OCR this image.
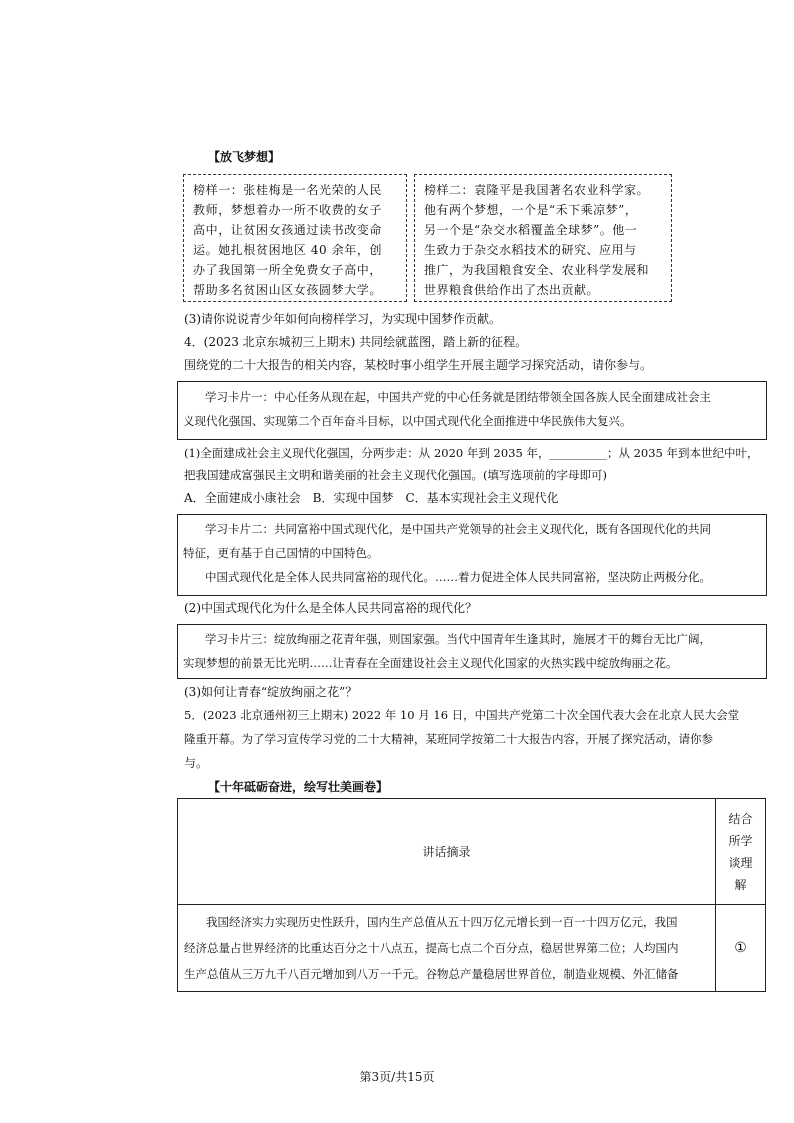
【放飞梦想】
榜样一：张桂梅是一名光荣的人民
教师，梦想着办一所不收费的女子
高中，让贫困女孩通过读书改变命
运。她扎根贫困地区 40 余年，创
办了我国第一所全免费女子高中，
帮助多名贫困山区女孩圆梦大学。
榜样二：袁隆平是我国著名农业科学家。
他有两个梦想，一个是“禾下乘凉梦”，
另一个是“杂交水稻覆盖全球梦”。他一
生致力于杂交水稻技术的研究、应用与
推广，为我国粮食安全、农业科学发展和
世界粮食供给作出了杰出贡献。
(3)请你说说青少年如何向榜样学习，为实现中国梦作贡献。
4．(2023 北京东城初三上期末) 共同绘就蓝图，踏上新的征程。
围绕党的二十大报告的相关内容，某校时事小组学生开展主题学习探究活动，请你参与。
学习卡片一：中心任务从现在起，中国共产党的中心任务就是团结带领全国各族人民全面建成社会主
义现代化强国、实现第二个百年奋斗目标，以中国式现代化全面推进中华民族伟大复兴。
(1)全面建成社会主义现代化强国，分两步走：从 2020 年到 2035 年，__________；从 2035 年到本世纪中叶，
把我国建成富强民主文明和谐美丽的社会主义现代化强国。(填写选项前的字母即可)
A．全面建成小康社会　B．实现中国梦　C．基本实现社会主义现代化
学习卡片二：共同富裕中国式现代化，是中国共产党领导的社会主义现代化，既有各国现代化的共同
特征，更有基于自己国情的中国特色。
中国式现代化是全体人民共同富裕的现代化。……着力促进全体人民共同富裕，坚决防止两极分化。
(2)中国式现代化为什么是全体人民共同富裕的现代化？
学习卡片三：绽放绚丽之花青年强，则国家强。当代中国青年生逢其时，施展才干的舞台无比广阔，
实现梦想的前景无比光明……让青春在全面建设社会主义现代化国家的火热实践中绽放绚丽之花。
(3)如何让青春“绽放绚丽之花”？
5．(2023 北京通州初三上期末) 2022 年 10 月 16 日，中国共产党第二十次全国代表大会在北京人民大会堂
隆重开幕。为了学习宣传学习党的二十大精神，某班同学按第二十大报告内容，开展了探究活动，请你参
与。
【十年砥砺奋进，绘写壮美画卷】
讲话摘录	结合
所学
谈理
解

我国经济实力实现历史性跃升，国内生产总值从五十四万亿元增长到一百一十四万亿元，我国
经济总量占世界经济的比重达百分之十八点五，提高七点二个百分点，稳居世界第二位；人均国内
生产总值从三万九千八百元增加到八万一千元。谷物总产量稳居世界首位，制造业规模、外汇储备	①
第3页/共15页
